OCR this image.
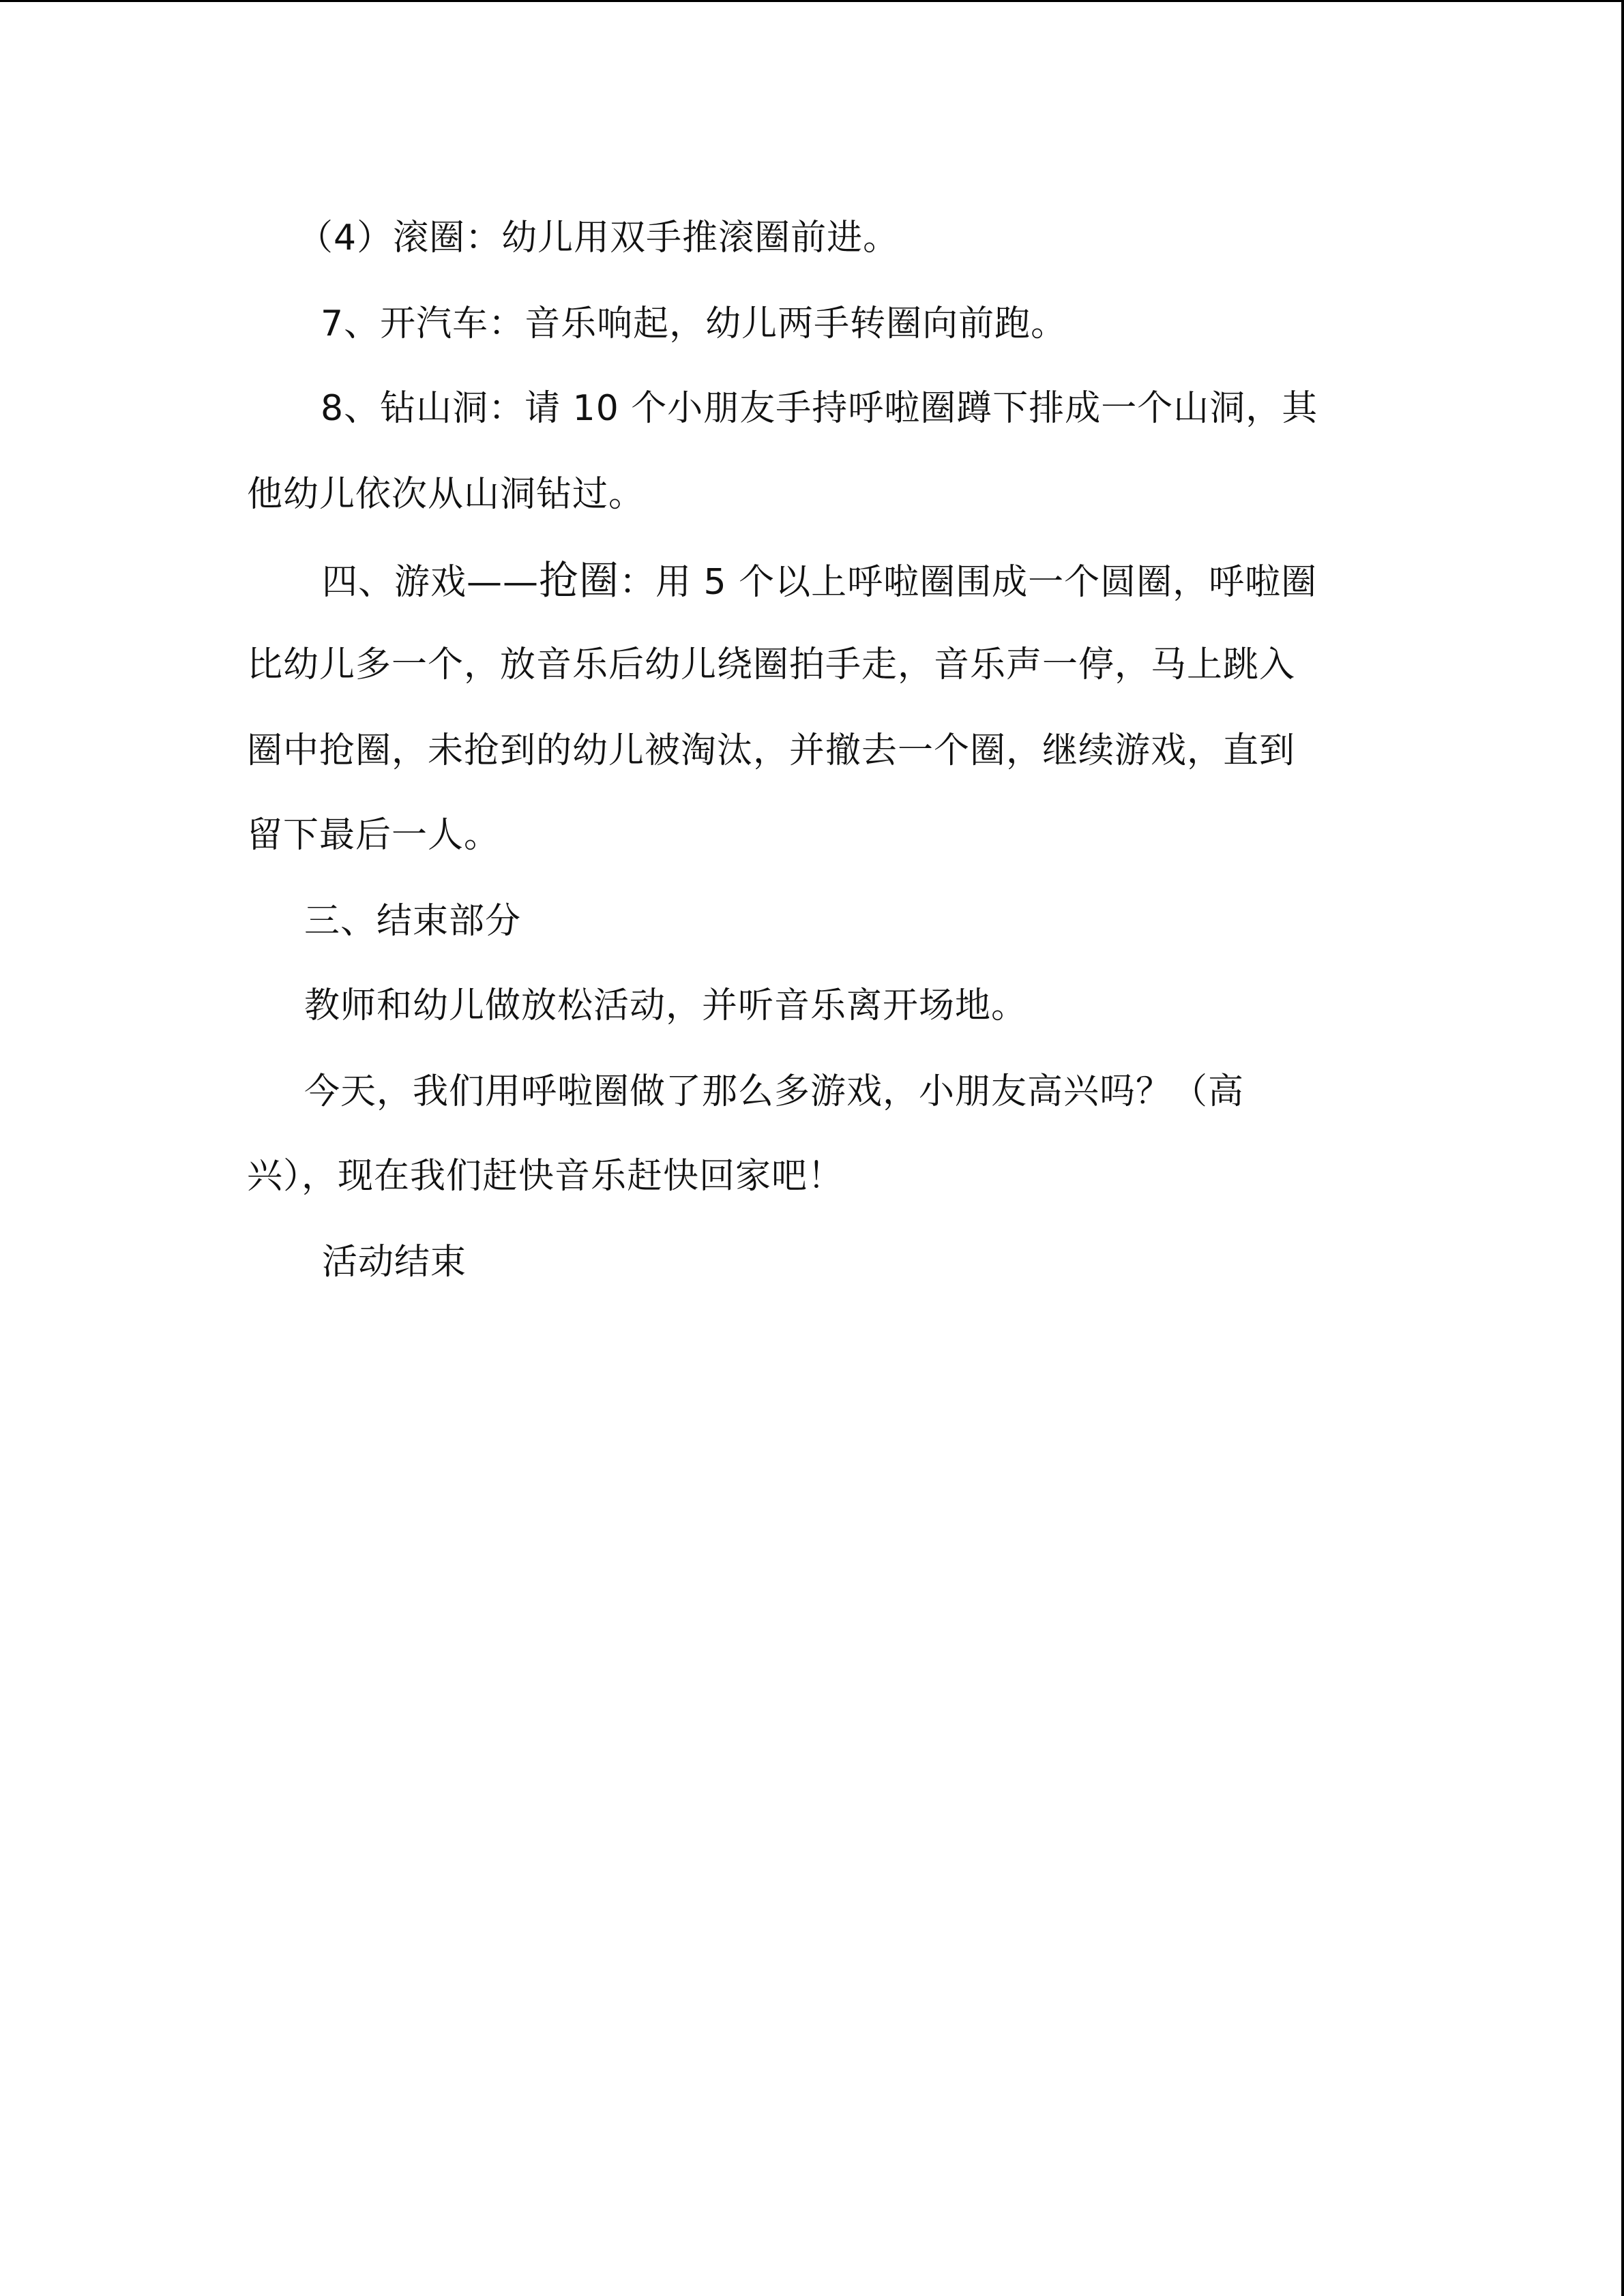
（4）滚圈：幼儿用双手推滚圈前进。
7、开汽车：音乐响起，幼儿两手转圈向前跑。
8、钻山洞：请 10 个小朋友手持呼啦圈蹲下排成一个山洞，其
他幼儿依次从山洞钻过。
四、游戏——抢圈：用 5 个以上呼啦圈围成一个圆圈，呼啦圈
比幼儿多一个，放音乐后幼儿绕圈拍手走，音乐声一停，马上跳入
圈中抢圈，未抢到的幼儿被淘汰，并撤去一个圈，继续游戏，直到
留下最后一人。
三、结束部分
教师和幼儿做放松活动，并听音乐离开场地。
今天，我们用呼啦圈做了那么多游戏，小朋友高兴吗？（高
兴），现在我们赶快音乐赶快回家吧！
活动结束
